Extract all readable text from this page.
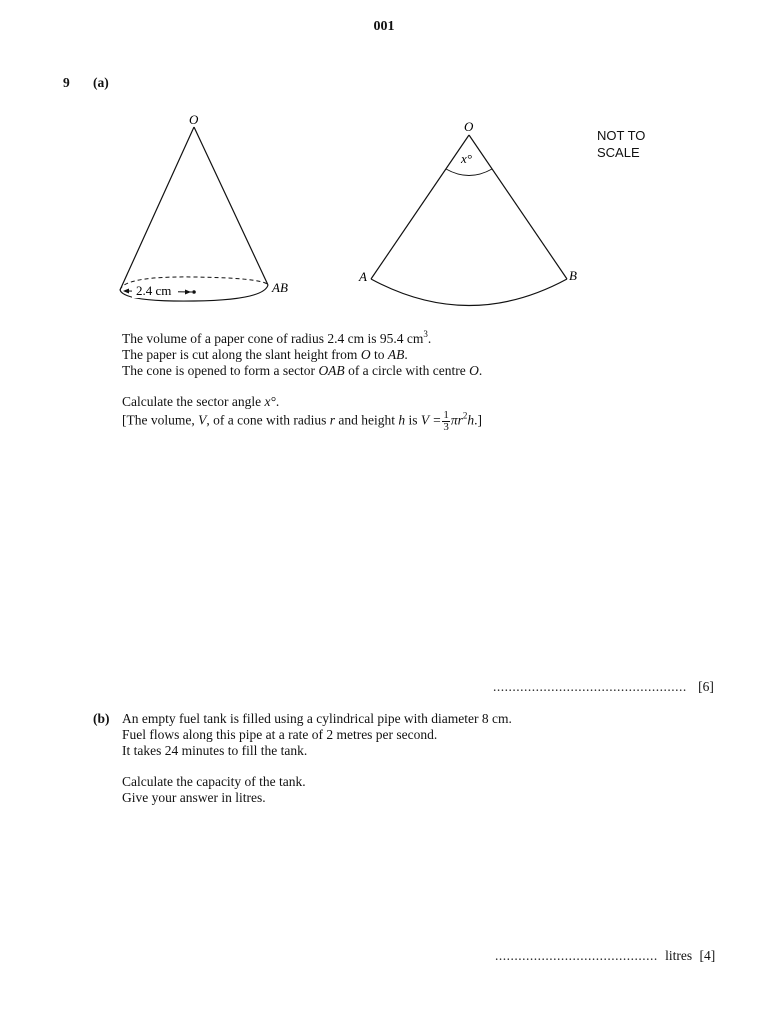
001
9 (a)
2.4 cm
O
AB
O
x°
A	B
NOT TO
SCALE
The volume of a paper cone of radius 2.4 cm is 95.4 $cm^3$.
The paper is cut along the slant height from O to AB.
The cone is opened to form a sector OAB of a circle with centre O.
Calculate the sector angle x°.
[The volume, V, of a cone with radius r and height h is $V = \frac{1}{3} \pi r^2h$.]
.................................................. [6]
(b) An empty fuel tank is filled using a cylindrical pipe with diameter 8 cm.
Fuel flows along this pipe at a rate of 2 metres per second.
It takes 24 minutes to fill the tank.
Calculate the capacity of the tank.
Give your answer in litres.
.......................................... litres [4]
